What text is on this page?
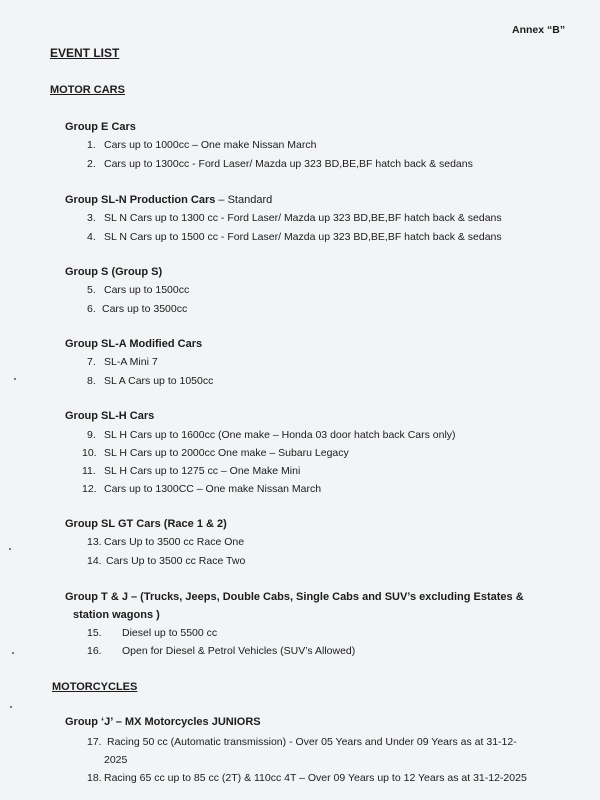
Annex “B”
EVENT LIST
MOTOR CARS
Group E Cars
1. Cars up to 1000cc – One make Nissan March
2. Cars up to 1300cc - Ford Laser/ Mazda up 323 BD,BE,BF hatch back & sedans
Group SL-N Production Cars – Standard
3. SL N Cars up to 1300 cc - Ford Laser/ Mazda up 323 BD,BE,BF hatch back & sedans
4. SL N Cars up to 1500 cc - Ford Laser/ Mazda up 323 BD,BE,BF hatch back & sedans
Group S (Group S)
5. Cars up to 1500cc
6. Cars up to 3500cc
Group SL-A Modified Cars
7. SL-A Mini 7
8. SL A Cars up to 1050cc
Group SL-H Cars
9. SL H Cars up to 1600cc (One make – Honda 03 door hatch back Cars only)
10. SL H Cars up to 2000cc One make – Subaru Legacy
11. SL H Cars up to 1275 cc – One Make Mini
12. Cars up to 1300CC – One make Nissan March
Group SL GT Cars (Race 1 & 2)
13. Cars Up to 3500 cc Race One
14. Cars Up to 3500 cc Race Two
Group T & J – (Trucks, Jeeps, Double Cabs, Single Cabs and SUV’s excluding Estates &
station wagons )
15. Diesel up to 5500 cc
16. Open for Diesel & Petrol Vehicles (SUV’s Allowed)
MOTORCYCLES
Group ‘J’ – MX Motorcycles JUNIORS
17. Racing 50 cc (Automatic transmission) - Over 05 Years and Under 09 Years as at 31-12-
2025
18. Racing 65 cc up to 85 cc (2T) & 110cc 4T – Over 09 Years up to 12 Years as at 31-12-2025
